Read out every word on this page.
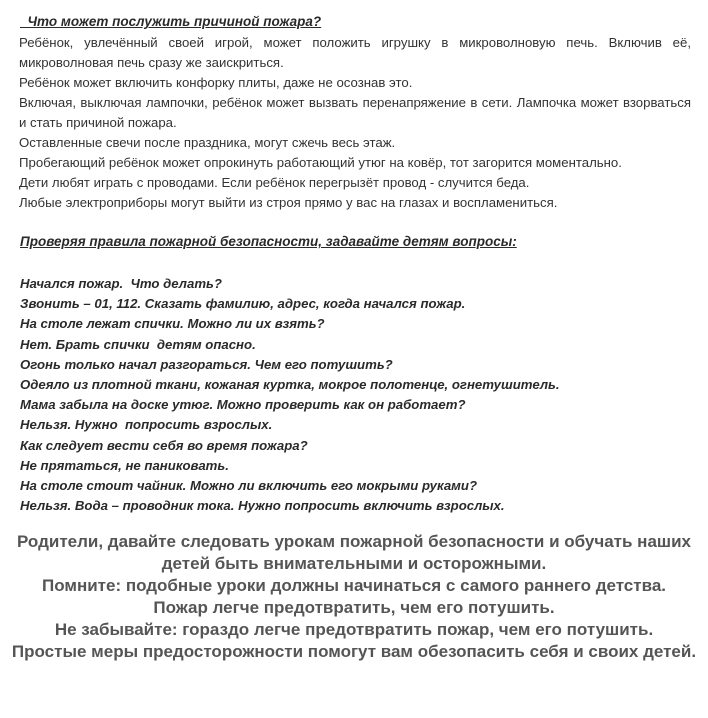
Что может послужить причиной пожара?

Ребёнок, увлечённый своей игрой, может положить игрушку в микроволновую печь. Включив её, микроволновая печь сразу же заискриться.

Ребёнок может включить конфорку плиты, даже не осознав это.

Включая, выключая лампочки, ребёнок может вызвать перенапряжение в сети. Лампочка может взорваться и стать причиной пожара.

Оставленные свечи после праздника, могут сжечь весь этаж.

Пробегающий ребёнок может опрокинуть работающий утюг на ковёр, тот загорится моментально.

Дети любят играть с проводами. Если ребёнок перегрызёт провод - случится беда.

Любые электроприборы могут выйти из строя прямо у вас на глазах и воспламениться.

Проверяя правила пожарной безопасности, задавайте детям вопросы:

Начался пожар.  Что делать?

Звонить – 01, 112. Сказать фамилию, адрес, когда начался пожар.

На столе лежат спички. Можно ли их взять?

Нет. Брать спички  детям опасно.

Огонь только начал разгораться. Чем его потушить?

Одеяло из плотной ткани, кожаная куртка, мокрое полотенце, огнетушитель.

Мама забыла на доске утюг. Можно проверить как он работает?

Нельзя. Нужно  попросить взрослых.

Как следует вести себя во время пожара?

Не прятаться, не паниковать.

На столе стоит чайник. Можно ли включить его мокрыми руками?

Нельзя. Вода – проводник тока. Нужно попросить включить взрослых.

Родители, давайте следовать урокам пожарной безопасности и обучать наших детей быть внимательными и осторожными.

Помните: подобные уроки должны начинаться с самого раннего детства.

Пожар легче предотвратить, чем его потушить.

Не забывайте: гораздо легче предотвратить пожар, чем его потушить.

Простые меры предосторожности помогут вам обезопасить себя и своих детей.
